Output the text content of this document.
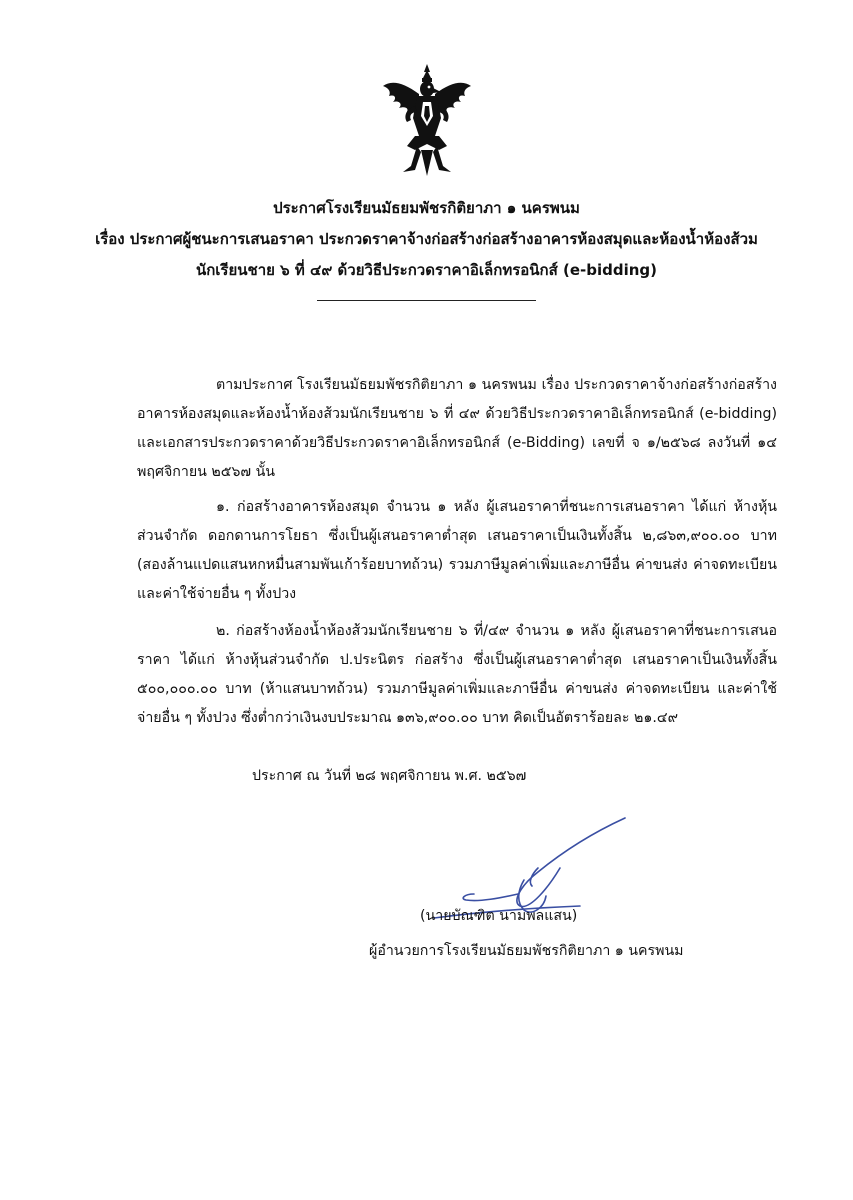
ประกาศโรงเรียนมัธยมพัชรกิติยาภา ๑ นครพนม
เรื่อง ประกาศผู้ชนะการเสนอราคา ประกวดราคาจ้างก่อสร้างก่อสร้างอาคารห้องสมุดและห้องน้ำห้องส้วม
นักเรียนชาย ๖ ที่ ๔๙ ด้วยวิธีประกวดราคาอิเล็กทรอนิกส์ (e-bidding)
ตามประกาศ โรงเรียนมัธยมพัชรกิติยาภา ๑ นครพนม เรื่อง ประกวดราคาจ้างก่อสร้างก่อสร้างอาคารห้องสมุดและห้องน้ำห้องส้วมนักเรียนชาย ๖ ที่ ๔๙ ด้วยวิธีประกวดราคาอิเล็กทรอนิกส์ (e-bidding) และเอกสารประกวดราคาด้วยวิธีประกวดราคาอิเล็กทรอนิกส์ (e-Bidding) เลขที่ จ ๑/๒๕๖๘ ลงวันที่ ๑๔ พฤศจิกายน ๒๕๖๗ นั้น
๑. ก่อสร้างอาคารห้องสมุด จำนวน ๑ หลัง ผู้เสนอราคาที่ชนะการเสนอราคา ได้แก่ ห้างหุ้นส่วนจำกัด ดอกดานการโยธา ซึ่งเป็นผู้เสนอราคาต่ำสุด เสนอราคาเป็นเงินทั้งสิ้น ๒,๘๖๓,๙๐๐.๐๐ บาท (สองล้านแปดแสนหกหมื่นสามพันเก้าร้อยบาทถ้วน) รวมภาษีมูลค่าเพิ่มและภาษีอื่น ค่าขนส่ง ค่าจดทะเบียน และค่าใช้จ่ายอื่น ๆ ทั้งปวง
๒. ก่อสร้างห้องน้ำห้องส้วมนักเรียนชาย ๖ ที่/๔๙ จำนวน ๑ หลัง ผู้เสนอราคาที่ชนะการเสนอราคา ได้แก่ ห้างหุ้นส่วนจำกัด ป.ประนิตร ก่อสร้าง ซึ่งเป็นผู้เสนอราคาต่ำสุด เสนอราคาเป็นเงินทั้งสิ้น ๕๐๐,๐๐๐.๐๐ บาท (ห้าแสนบาทถ้วน) รวมภาษีมูลค่าเพิ่มและภาษีอื่น ค่าขนส่ง ค่าจดทะเบียน และค่าใช้จ่ายอื่น ๆ ทั้งปวง ซึ่งต่ำกว่าเงินงบประมาณ ๑๓๖,๙๐๐.๐๐ บาท คิดเป็นอัตราร้อยละ ๒๑.๔๙
ประกาศ ณ วันที่ ๒๘ พฤศจิกายน พ.ศ. ๒๕๖๗
(นายบัณฑิต นามพลแสน)
ผู้อำนวยการโรงเรียนมัธยมพัชรกิติยาภา ๑ นครพนม
